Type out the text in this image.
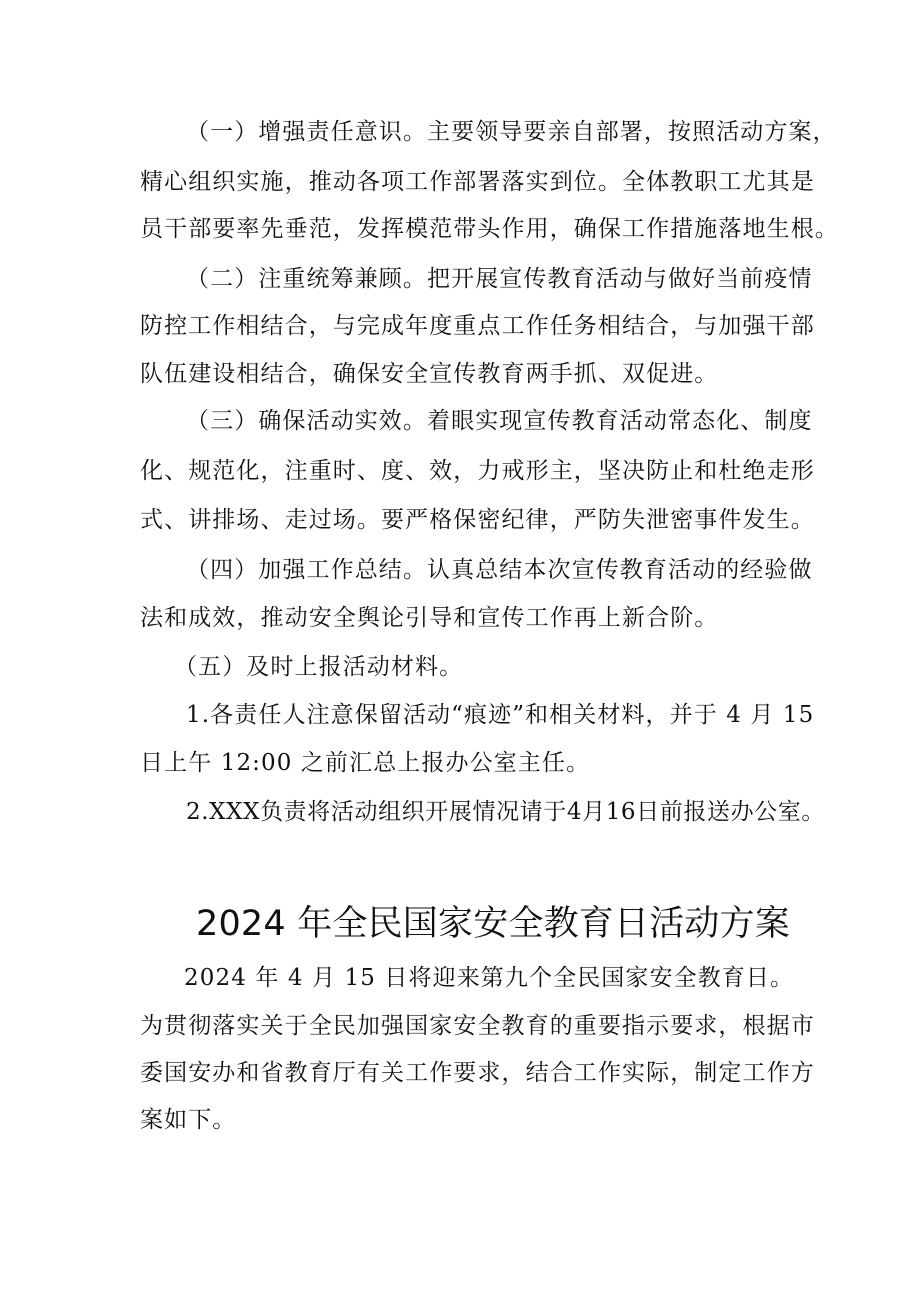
（一）增强责任意识。主要领导要亲自部署，按照活动方案，
精心组织实施，推动各项工作部署落实到位。全体教职工尤其是
员干部要率先垂范，发挥模范带头作用，确保工作措施落地生根。
（二）注重统筹兼顾。把开展宣传教育活动与做好当前疫情
防控工作相结合，与完成年度重点工作任务相结合，与加强干部
队伍建设相结合，确保安全宣传教育两手抓、双促进。
（三）确保活动实效。着眼实现宣传教育活动常态化、制度
化、规范化，注重时、度、效，力戒形主，坚决防止和杜绝走形
式、讲排场、走过场。要严格保密纪律，严防失泄密事件发生。
（四）加强工作总结。认真总结本次宣传教育活动的经验做
法和成效，推动安全舆论引导和宣传工作再上新合阶。
（五）及时上报活动材料。
1.各责任人注意保留活动“痕迹”和相关材料，并于 4 月 15
日上午 12:00 之前汇总上报办公室主任。
2.XXX负责将活动组织开展情况请于4月16日前报送办公室。
2024 年全民国家安全教育日活动方案
2024 年 4 月 15 日将迎来第九个全民国家安全教育日。
为贯彻落实关于全民加强国家安全教育的重要指示要求，根据市
委国安办和省教育厅有关工作要求，结合工作实际，制定工作方
案如下。
